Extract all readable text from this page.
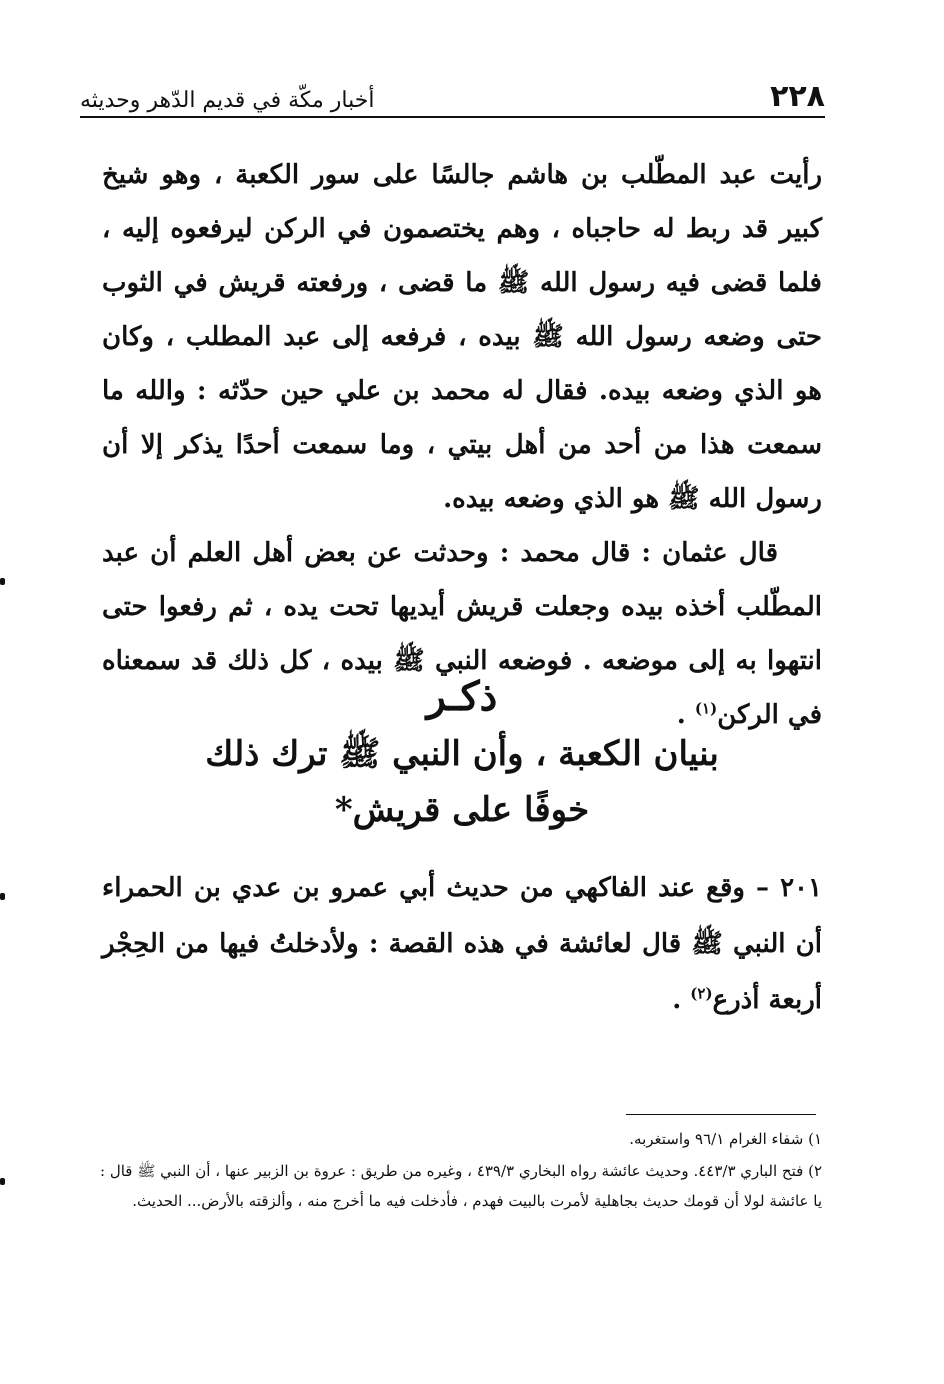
٢٢٨
أخبار مكّة في قديم الدّهر وحديثه

رأيت عبد المطّلب بن هاشم جالسًا على سور الكعبة ، وهو شيخ كبير قد ربط له حاجباه ، وهم يختصمون في الركن ليرفعوه إليه ، فلما قضى فيه رسول الله ﷺ ما قضى ، ورفعته قريش في الثوب حتى وضعه رسول الله ﷺ بيده ، فرفعه إلى عبد المطلب ، وكان هو الذي وضعه بيده. فقال له محمد بن علي حين حدّثه : والله ما سمعت هذا من أحد من أهل بيتي ، وما سمعت أحدًا يذكر إلا أن رسول الله ﷺ هو الذي وضعه بيده.

قال عثمان : قال محمد : وحدثت عن بعض أهل العلم أن عبد المطّلب أخذه بيده وجعلت قريش أيديها تحت يده ، ثم رفعوا حتى انتهوا به إلى موضعه . فوضعه النبي ﷺ بيده ، كل ذلك قد سمعناه في الركن$^{(١)}$ .

ذكـر
بنيان الكعبة ، وأن النبي ﷺ ترك ذلك
خوفًا على قريش*

٢٠١ – وقع عند الفاكهي من حديث أبي عمرو بن عدي بن الحمراء أن النبي ﷺ قال لعائشة في هذه القصة : ولأدخلتُ فيها من الحِجْر أربعة أذرع$^{(٢)}$ .

١) شفاء الغرام ٩٦/١ واستغربه.

٢) فتح الباري ٤٤٣/٣. وحديث عائشة رواه البخاري ٤٣٩/٣ ، وغيره من طريق : عروة بن الزبير عنها ، أن النبي ﷺ قال : يا عائشة لولا أن قومك حديث بجاهلية لأمرت بالبيت فهدم ، فأدخلت فيه ما أخرج منه ، وألزقته بالأرض... الحديث.
